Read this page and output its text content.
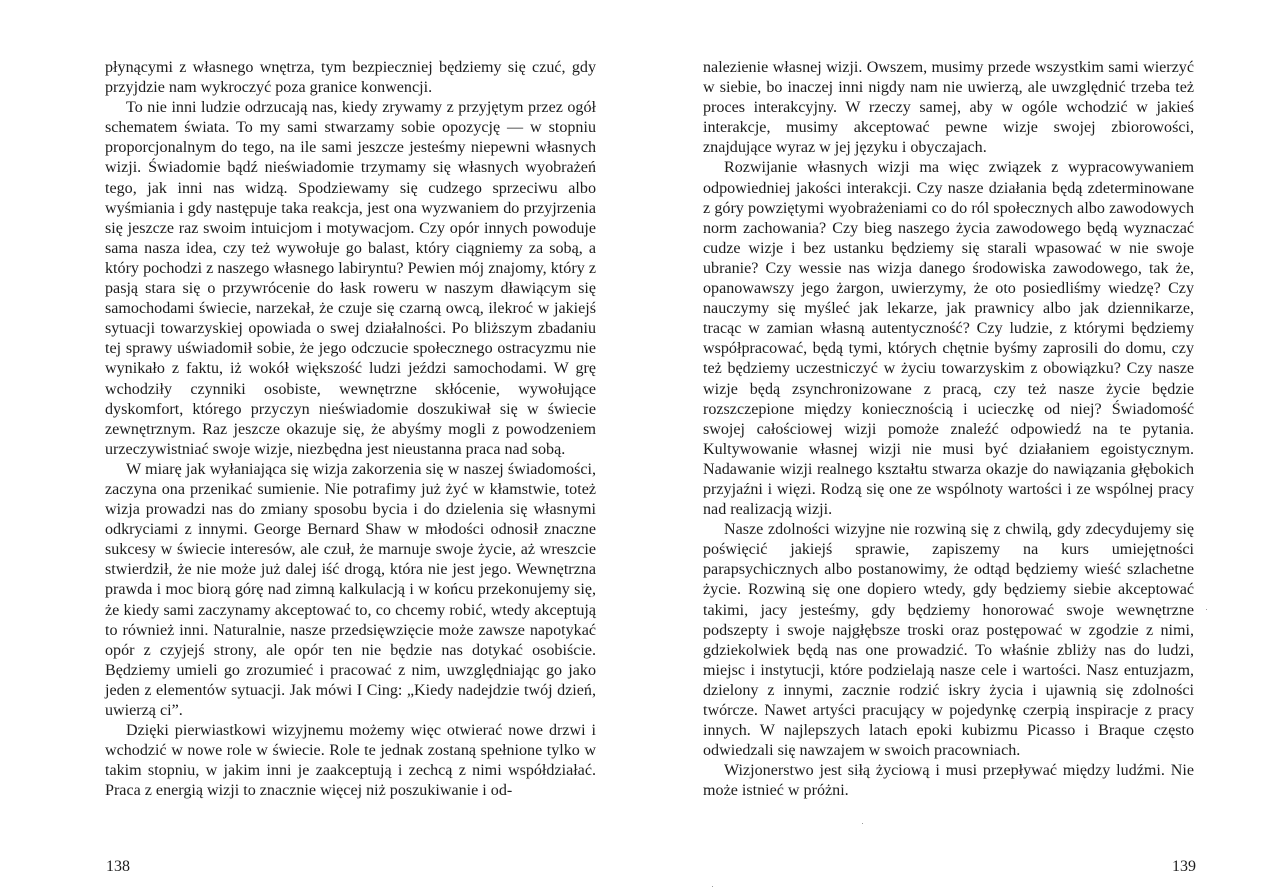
płynącymi z własnego wnętrza, tym bezpieczniej będziemy się czuć, gdy przyjdzie nam wykroczyć poza granice konwencji.

To nie inni ludzie odrzucają nas, kiedy zrywamy z przyjętym przez ogół schematem świata. To my sami stwarzamy sobie opozycję — w stopniu proporcjonalnym do tego, na ile sami jeszcze jesteśmy niepewni własnych wizji. Świadomie bądź nieświadomie trzymamy się własnych wyobrażeń tego, jak inni nas widzą. Spodziewamy się cudzego sprzeciwu albo wyśmiania i gdy następuje taka reakcja, jest ona wyzwaniem do przyjrzenia się jeszcze raz swoim intuicjom i motywacjom. Czy opór innych powoduje sama nasza idea, czy też wywołuje go balast, który ciągniemy za sobą, a który pochodzi z naszego własnego labiryntu? Pewien mój znajomy, który z pasją stara się o przywrócenie do łask roweru w naszym dławiącym się samochodami świecie, narzekał, że czuje się czarną owcą, ilekroć w jakiejś sytuacji towarzyskiej opowiada o swej działalności. Po bliższym zbadaniu tej sprawy uświadomił sobie, że jego odczucie społecznego ostracyzmu nie wynikało z faktu, iż wokół większość ludzi jeździ samochodami. W grę wchodziły czynniki osobiste, wewnętrzne skłócenie, wywołujące dyskomfort, którego przyczyn nieświadomie doszukiwał się w świecie zewnętrznym. Raz jeszcze okazuje się, że abyśmy mogli z powodzeniem urzeczywistniać swoje wizje, niezbędna jest nieustanna praca nad sobą.

W miarę jak wyłaniająca się wizja zakorzenia się w naszej świadomości, zaczyna ona przenikać sumienie. Nie potrafimy już żyć w kłamstwie, toteż wizja prowadzi nas do zmiany sposobu bycia i do dzielenia się własnymi odkryciami z innymi. George Bernard Shaw w młodości odnosił znaczne sukcesy w świecie interesów, ale czuł, że marnuje swoje życie, aż wreszcie stwierdził, że nie może już dalej iść drogą, która nie jest jego. Wewnętrzna prawda i moc biorą górę nad zimną kalkulacją i w końcu przekonujemy się, że kiedy sami zaczynamy akceptować to, co chcemy robić, wtedy akceptują to również inni. Naturalnie, nasze przedsięwzięcie może zawsze napotykać opór z czyjejś strony, ale opór ten nie będzie nas dotykać osobiście. Będziemy umieli go zrozumieć i pracować z nim, uwzględniając go jako jeden z elementów sytuacji. Jak mówi I Cing: „Kiedy nadejdzie twój dzień, uwierzą ci”.

Dzięki pierwiastkowi wizyjnemu możemy więc otwierać nowe drzwi i wchodzić w nowe role w świecie. Role te jednak zostaną spełnione tylko w takim stopniu, w jakim inni je zaakceptują i zechcą z nimi współdziałać. Praca z energią wizji to znacznie więcej niż poszukiwanie i od-

138

nalezienie własnej wizji. Owszem, musimy przede wszystkim sami wierzyć w siebie, bo inaczej inni nigdy nam nie uwierzą, ale uwzględnić trzeba też proces interakcyjny. W rzeczy samej, aby w ogóle wchodzić w jakieś interakcje, musimy akceptować pewne wizje swojej zbiorowości, znajdujące wyraz w jej języku i obyczajach.

Rozwijanie własnych wizji ma więc związek z wypracowywaniem odpowiedniej jakości interakcji. Czy nasze działania będą zdeterminowane z góry powziętymi wyobrażeniami co do ról społecznych albo zawodowych norm zachowania? Czy bieg naszego życia zawodowego będą wyznaczać cudze wizje i bez ustanku będziemy się starali wpasować w nie swoje ubranie? Czy wessie nas wizja danego środowiska zawodowego, tak że, opanowawszy jego żargon, uwierzymy, że oto posiedliśmy wiedzę? Czy nauczymy się myśleć jak lekarze, jak prawnicy albo jak dziennikarze, tracąc w zamian własną autentyczność? Czy ludzie, z którymi będziemy współpracować, będą tymi, których chętnie byśmy zaprosili do domu, czy też będziemy uczestniczyć w życiu towarzyskim z obowiązku? Czy nasze wizje będą zsynchronizowane z pracą, czy też nasze życie będzie rozszczepione między koniecznością i ucieczkę od niej? Świadomość swojej całościowej wizji pomoże znaleźć odpowiedź na te pytania. Kultywowanie własnej wizji nie musi być działaniem egoistycznym. Nadawanie wizji realnego kształtu stwarza okazje do nawiązania głębokich przyjaźni i więzi. Rodzą się one ze wspólnoty wartości i ze wspólnej pracy nad realizacją wizji.

Nasze zdolności wizyjne nie rozwiną się z chwilą, gdy zdecydujemy się poświęcić jakiejś sprawie, zapiszemy na kurs umiejętności parapsychicznych albo postanowimy, że odtąd będziemy wieść szlachetne życie. Rozwiną się one dopiero wtedy, gdy będziemy siebie akceptować takimi, jacy jesteśmy, gdy będziemy honorować swoje wewnętrzne podszepty i swoje najgłębsze troski oraz postępować w zgodzie z nimi, gdziekolwiek będą nas one prowadzić. To właśnie zbliży nas do ludzi, miejsc i instytucji, które podzielają nasze cele i wartości. Nasz entuzjazm, dzielony z innymi, zacznie rodzić iskry życia i ujawnią się zdolności twórcze. Nawet artyści pracujący w pojedynkę czerpią inspiracje z pracy innych. W najlepszych latach epoki kubizmu Picasso i Braque często odwiedzali się nawzajem w swoich pracowniach.

Wizjonerstwo jest siłą życiową i musi przepływać między ludźmi. Nie może istnieć w próżni.

139
